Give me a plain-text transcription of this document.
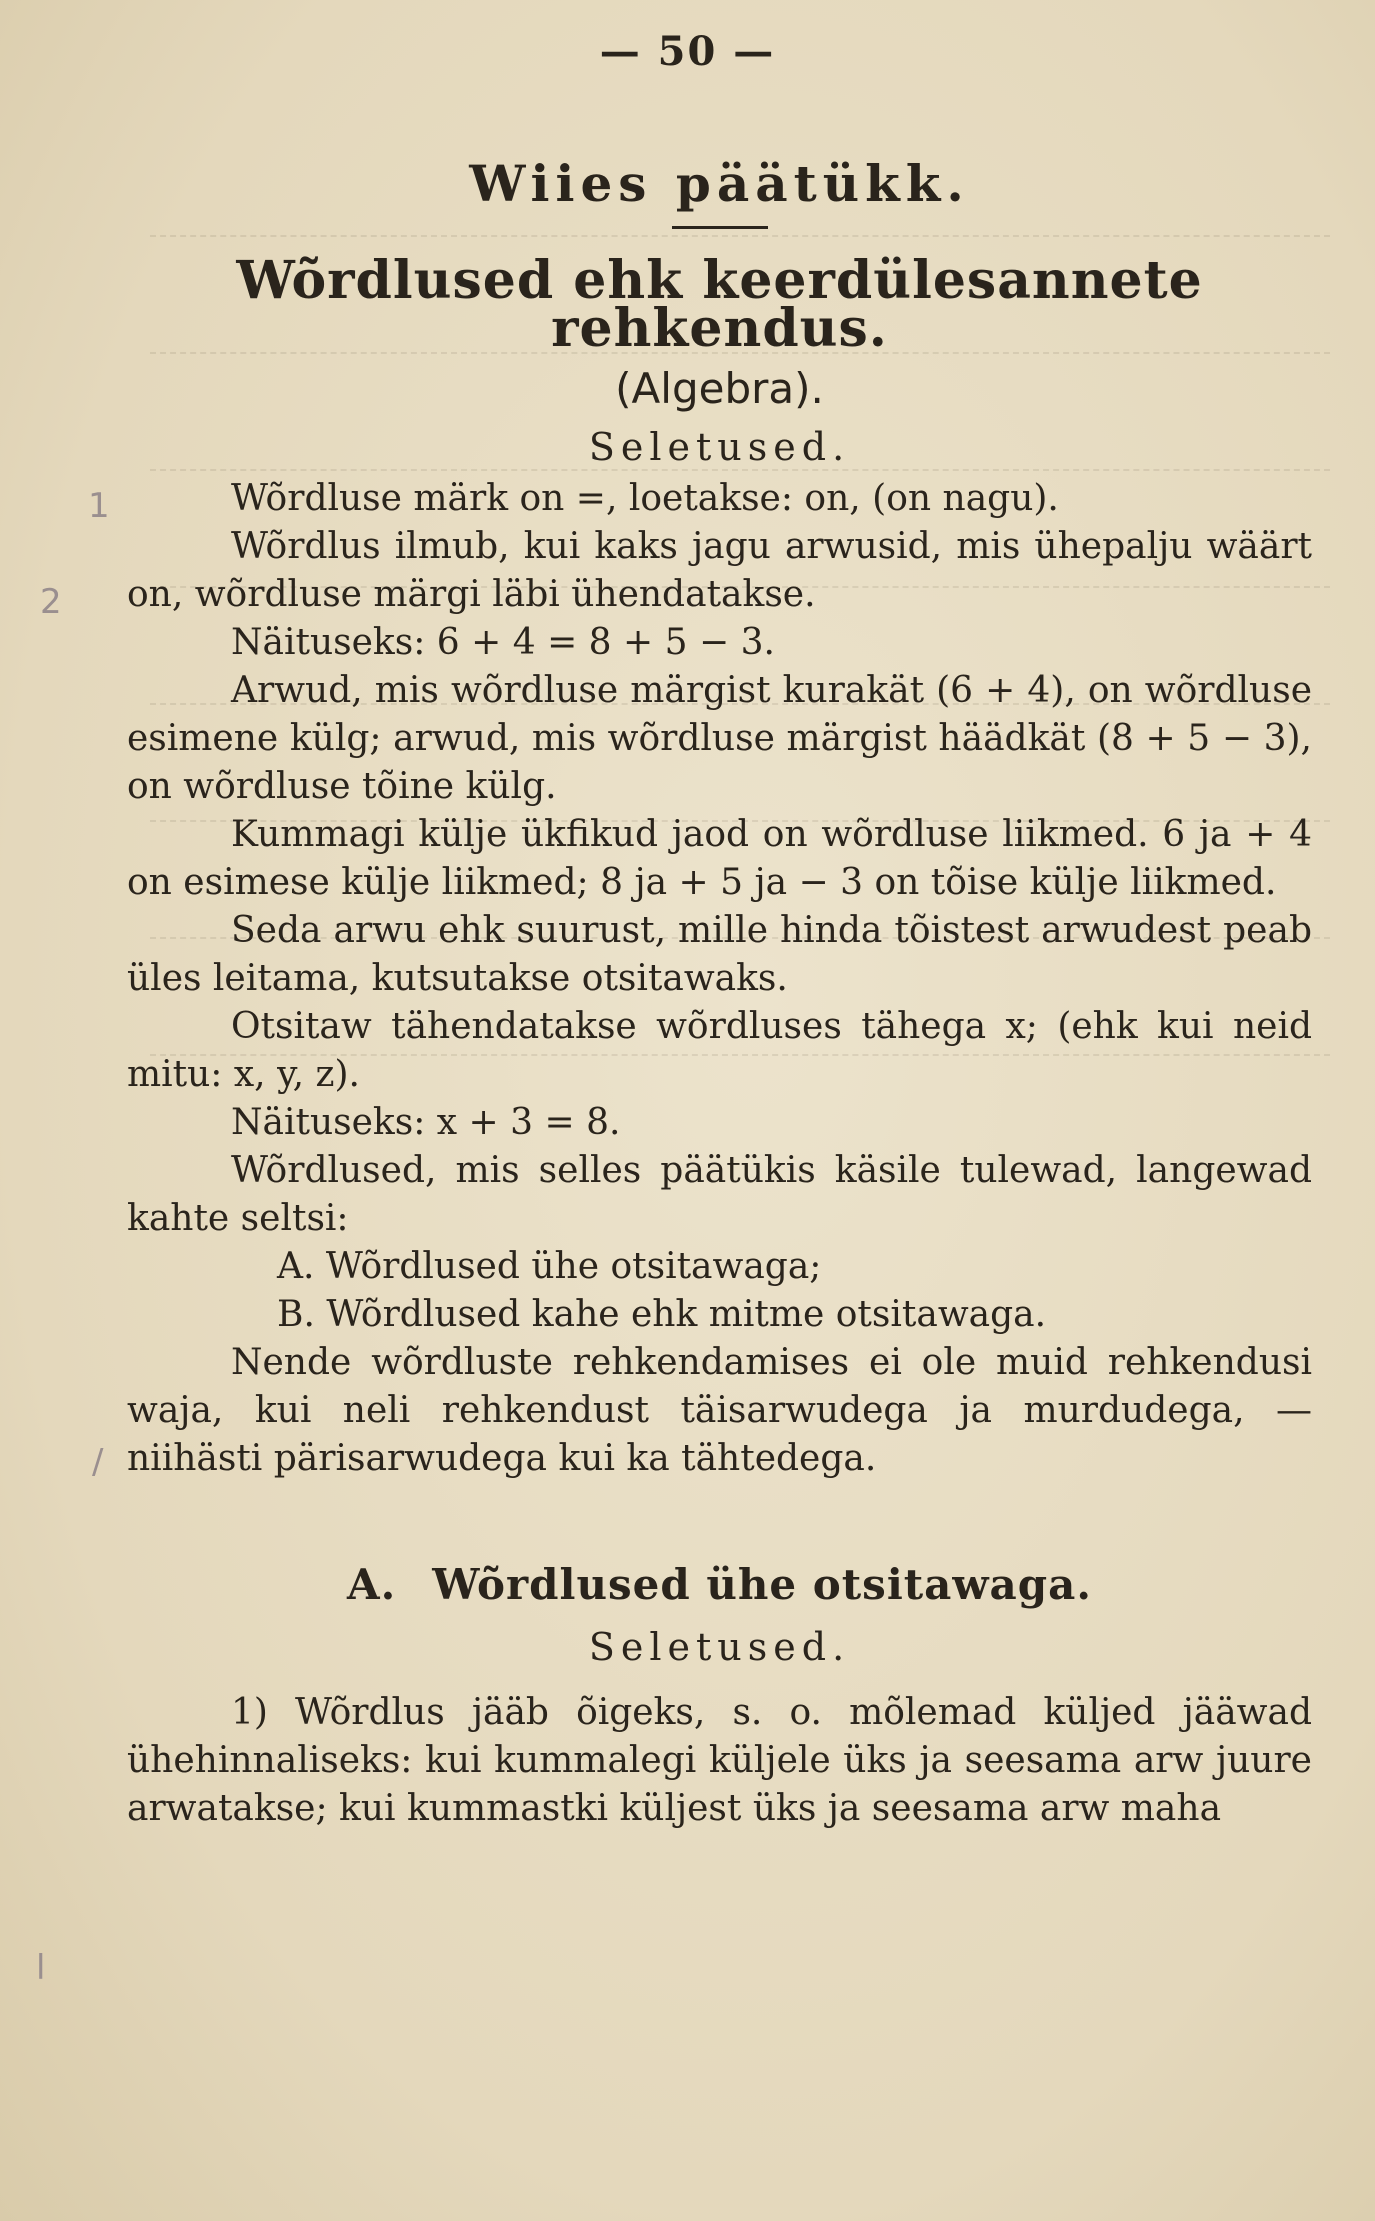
1
2
/
l
— 50 —
Wiies päätükk.
Wõrdlused ehk keerdülesannete rehkendus.
(Algebra).
Seletused.

Wõrdluse märk on =, loetakse: on, (on nagu).

Wõrdlus ilmub, kui kaks jagu arwusid, mis ühepalju wäärt on, wõrdluse märgi läbi ühendatakse.

Näituseks: 6 + 4 = 8 + 5 − 3.

Arwud, mis wõrdluse märgist kurakät (6 + 4), on wõrdluse esimene külg; arwud, mis wõrdluse märgist häädkät (8 + 5 − 3), on wõrdluse tõine külg.

Kummagi külje ükfikud jaod on wõrdluse liikmed. 6 ja + 4 on esimese külje liikmed; 8 ja + 5 ja − 3 on tõise külje liikmed.

Seda arwu ehk suurust, mille hinda tõistest arwudest peab üles leitama, kutsutakse otsitawaks.

Otsitaw tähendatakse wõrdluses tähega x; (ehk kui neid mitu: x, y, z).

Näituseks: x + 3 = 8.

Wõrdlused, mis selles päätükis käsile tulewad, langewad kahte seltsi:

A. Wõrdlused ühe otsitawaga;
B. Wõrdlused kahe ehk mitme otsitawaga.

Nende wõrdluste rehkendamises ei ole muid rehkendusi waja, kui neli rehkendust täisarwudega ja murdudega, — niihästi pärisarwudega kui ka tähtedega.

A. Wõrdlused ühe otsitawaga.
Seletused.

1) Wõrdlus jääb õigeks, s. o. mõlemad küljed jääwad ühehinnaliseks: kui kummalegi küljele üks ja seesama arw juure arwatakse; kui kummastki küljest üks ja seesama arw maha
